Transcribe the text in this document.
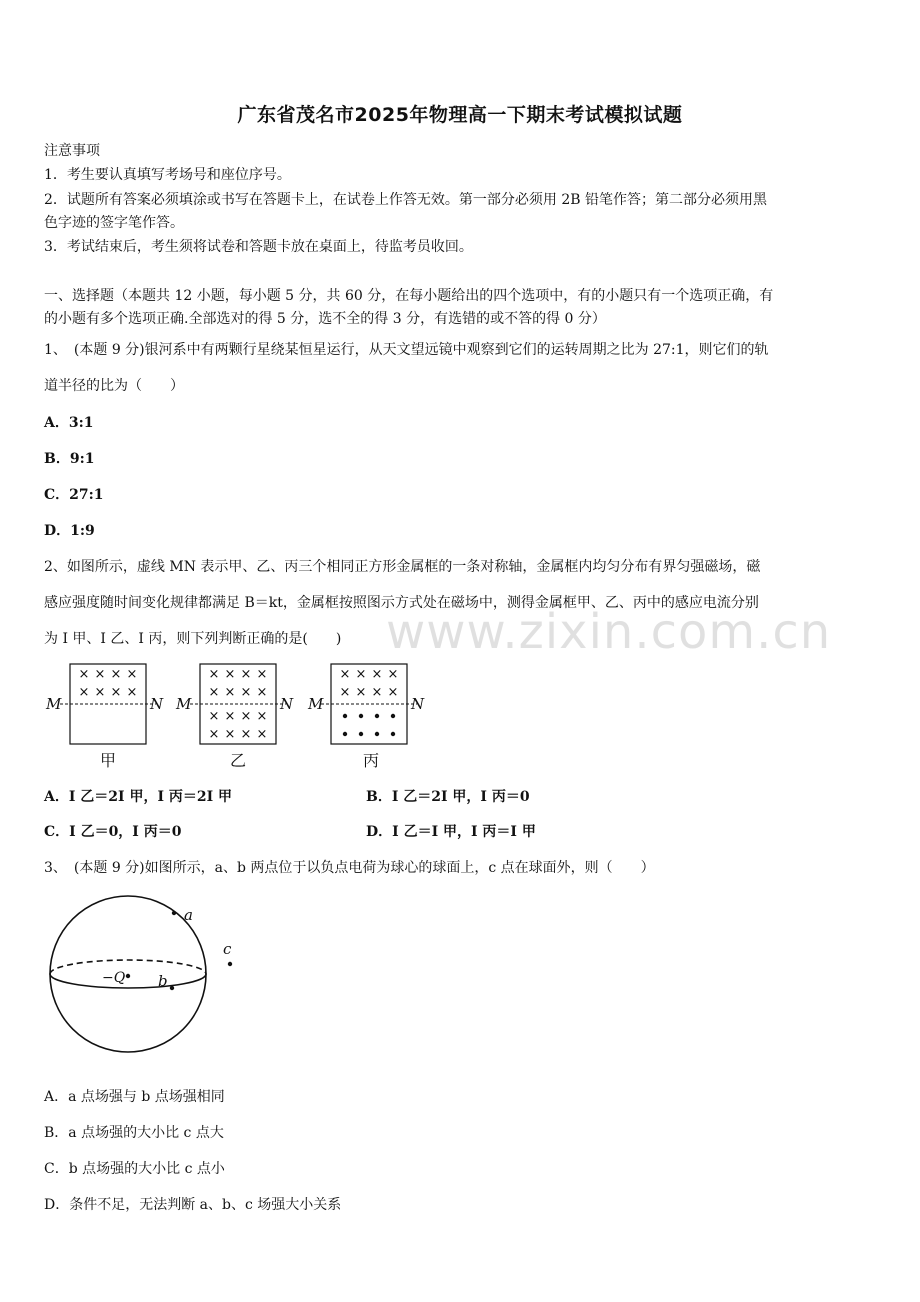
广东省茂名市2025年物理高一下期末考试模拟试题
注意事项
1．考生要认真填写考场号和座位序号。
2．试题所有答案必须填涂或书写在答题卡上，在试卷上作答无效。第一部分必须用 2B 铅笔作答；第二部分必须用黑
色字迹的签字笔作答。
3．考试结束后，考生须将试卷和答题卡放在桌面上，待监考员收回。
一、选择题（本题共 12 小题，每小题 5 分，共 60 分，在每小题给出的四个选项中，有的小题只有一个选项正确，有
的小题有多个选项正确.全部选对的得 5 分，选不全的得 3 分，有选错的或不答的得 0 分）
1、　(本题 9 分)银河系中有两颗行星绕某恒星运行，从天文望远镜中观察到它们的运转周期之比为 27:1，则它们的轨
道半径的比为（　　）
A．3:1
B．9:1
C．27:1
D．1:9
2、如图所示，虚线 MN 表示甲、乙、丙三个相同正方形金属框的一条对称轴，金属框内均匀分布有界匀强磁场，磁
感应强度随时间变化规律都满足 B＝kt，金属框按照图示方式处在磁场中，测得金属框甲、乙、丙中的感应电流分别
为 I 甲、I 乙、I 丙，则下列判断正确的是(　　) www.zixin.com.cn
× × × ×
× × × ×
M	N
甲
× × × ×
× × × ×
× × × ×
× × × ×
M	N
乙
× × × ×
× × × ×
M	N
丙
A．I 乙＝2I 甲，I 丙＝2I 甲	B．I 乙＝2I 甲，I 丙＝0
C．I 乙＝0，I 丙＝0	D．I 乙＝I 甲，I 丙＝I 甲
3、　(本题 9 分)如图所示，a、b 两点位于以负点电荷为球心的球面上，c 点在球面外，则（　　）
−Q
a
b
c
A．a 点场强与 b 点场强相同
B．a 点场强的大小比 c 点大
C．b 点场强的大小比 c 点小
D．条件不足，无法判断 a、b、c 场强大小关系
